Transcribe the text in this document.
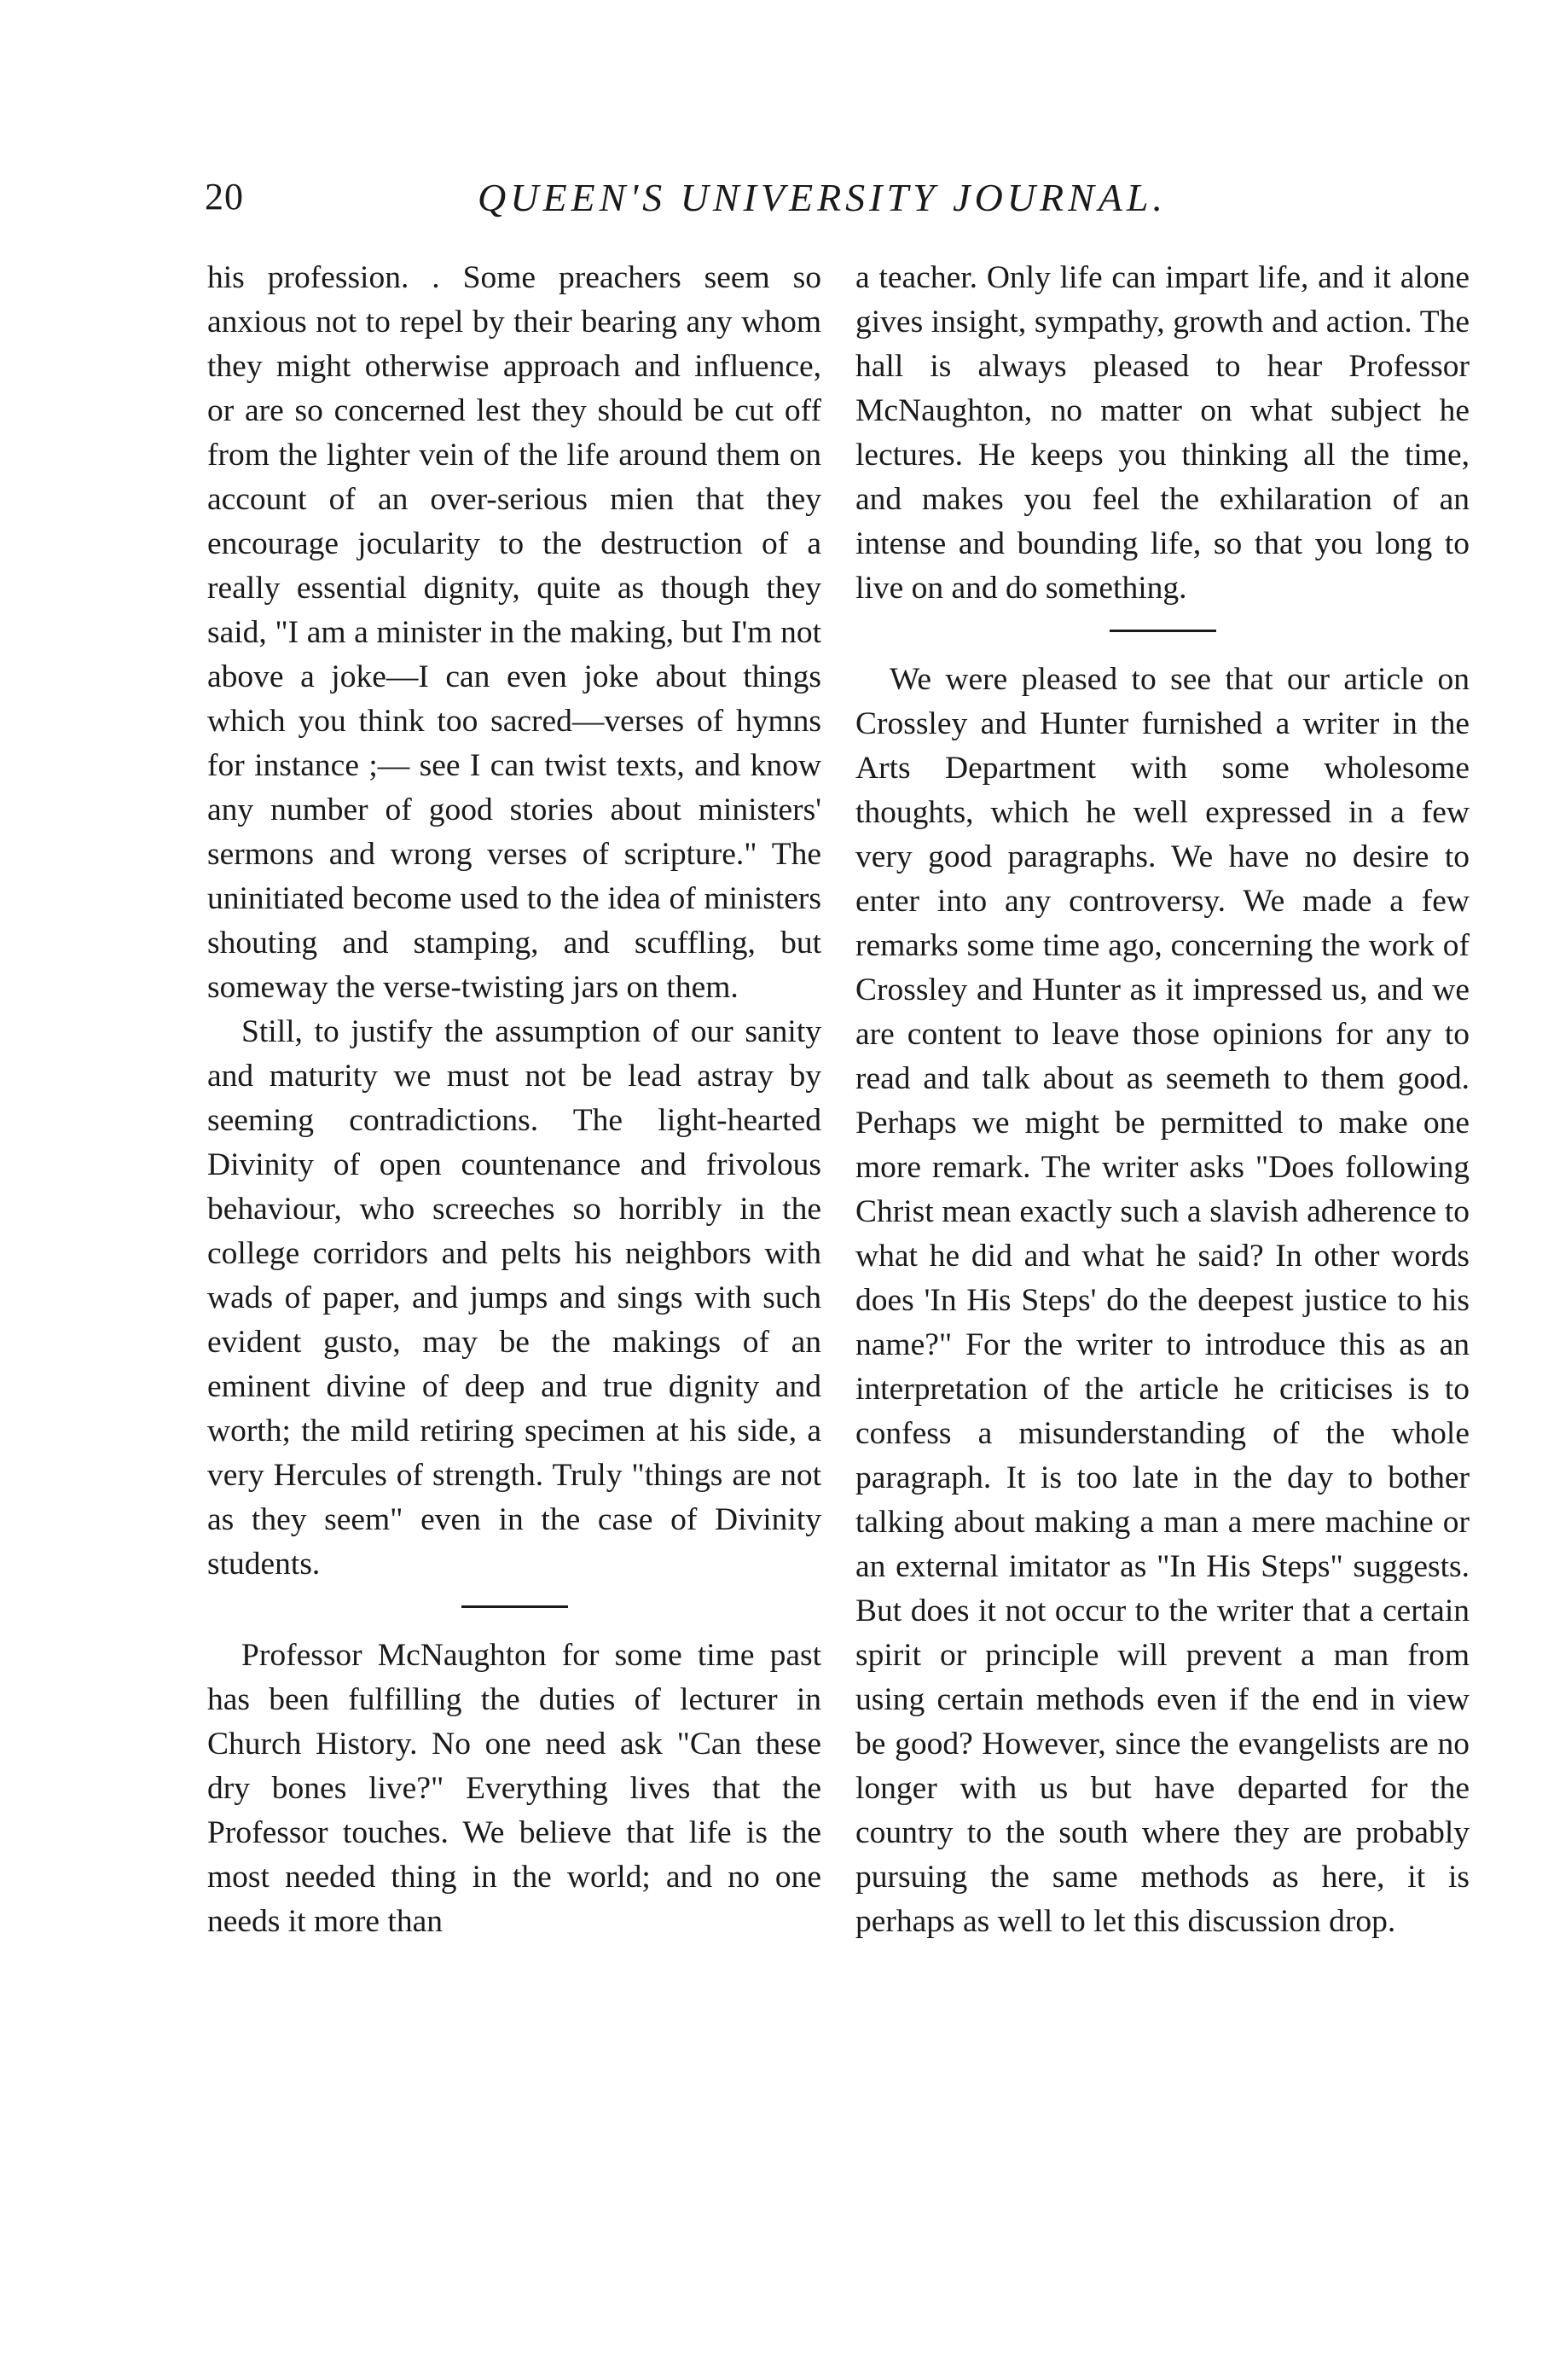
20	QUEEN'S UNIVERSITY JOURNAL.

his profession. . Some preachers seem so anxious not to repel by their bearing any whom they might otherwise approach and influence, or are so concerned lest they should be cut off from the lighter vein of the life around them on account of an over-serious mien that they encourage jocularity to the destruction of a really essential dignity, quite as though they said, "I am a minister in the making, but I'm not above a joke—I can even joke about things which you think too sacred—verses of hymns for instance ;— see I can twist texts, and know any number of good stories about ministers' sermons and wrong verses of scripture." The uninitiated become used to the idea of ministers shouting and stamping, and scuffling, but someway the verse-twisting jars on them.

Still, to justify the assumption of our sanity and maturity we must not be lead astray by seeming contradictions. The light-hearted Divinity of open countenance and frivolous behaviour, who screeches so horribly in the college corridors and pelts his neighbors with wads of paper, and jumps and sings with such evident gusto, may be the makings of an eminent divine of deep and true dignity and worth; the mild retiring specimen at his side, a very Hercules of strength. Truly "things are not as they seem" even in the case of Divinity students.

Professor McNaughton for some time past has been fulfilling the duties of lecturer in Church History. No one need ask "Can these dry bones live?" Everything lives that the Professor touches. We believe that life is the most needed thing in the world; and no one needs it more than

a teacher. Only life can impart life, and it alone gives insight, sympathy, growth and action. The hall is always pleased to hear Professor McNaughton, no matter on what subject he lectures. He keeps you thinking all the time, and makes you feel the exhilaration of an intense and bounding life, so that you long to live on and do something.

We were pleased to see that our article on Crossley and Hunter furnished a writer in the Arts Department with some wholesome thoughts, which he well expressed in a few very good paragraphs. We have no desire to enter into any controversy. We made a few remarks some time ago, concerning the work of Crossley and Hunter as it impressed us, and we are content to leave those opinions for any to read and talk about as seemeth to them good. Perhaps we might be permitted to make one more remark. The writer asks "Does following Christ mean exactly such a slavish adherence to what he did and what he said? In other words does 'In His Steps' do the deepest justice to his name?" For the writer to introduce this as an interpretation of the article he criticises is to confess a misunderstanding of the whole paragraph. It is too late in the day to bother talking about making a man a mere machine or an external imitator as "In His Steps" suggests. But does it not occur to the writer that a certain spirit or principle will prevent a man from using certain methods even if the end in view be good? However, since the evangelists are no longer with us but have departed for the country to the south where they are probably pursuing the same methods as here, it is perhaps as well to let this discussion drop.
